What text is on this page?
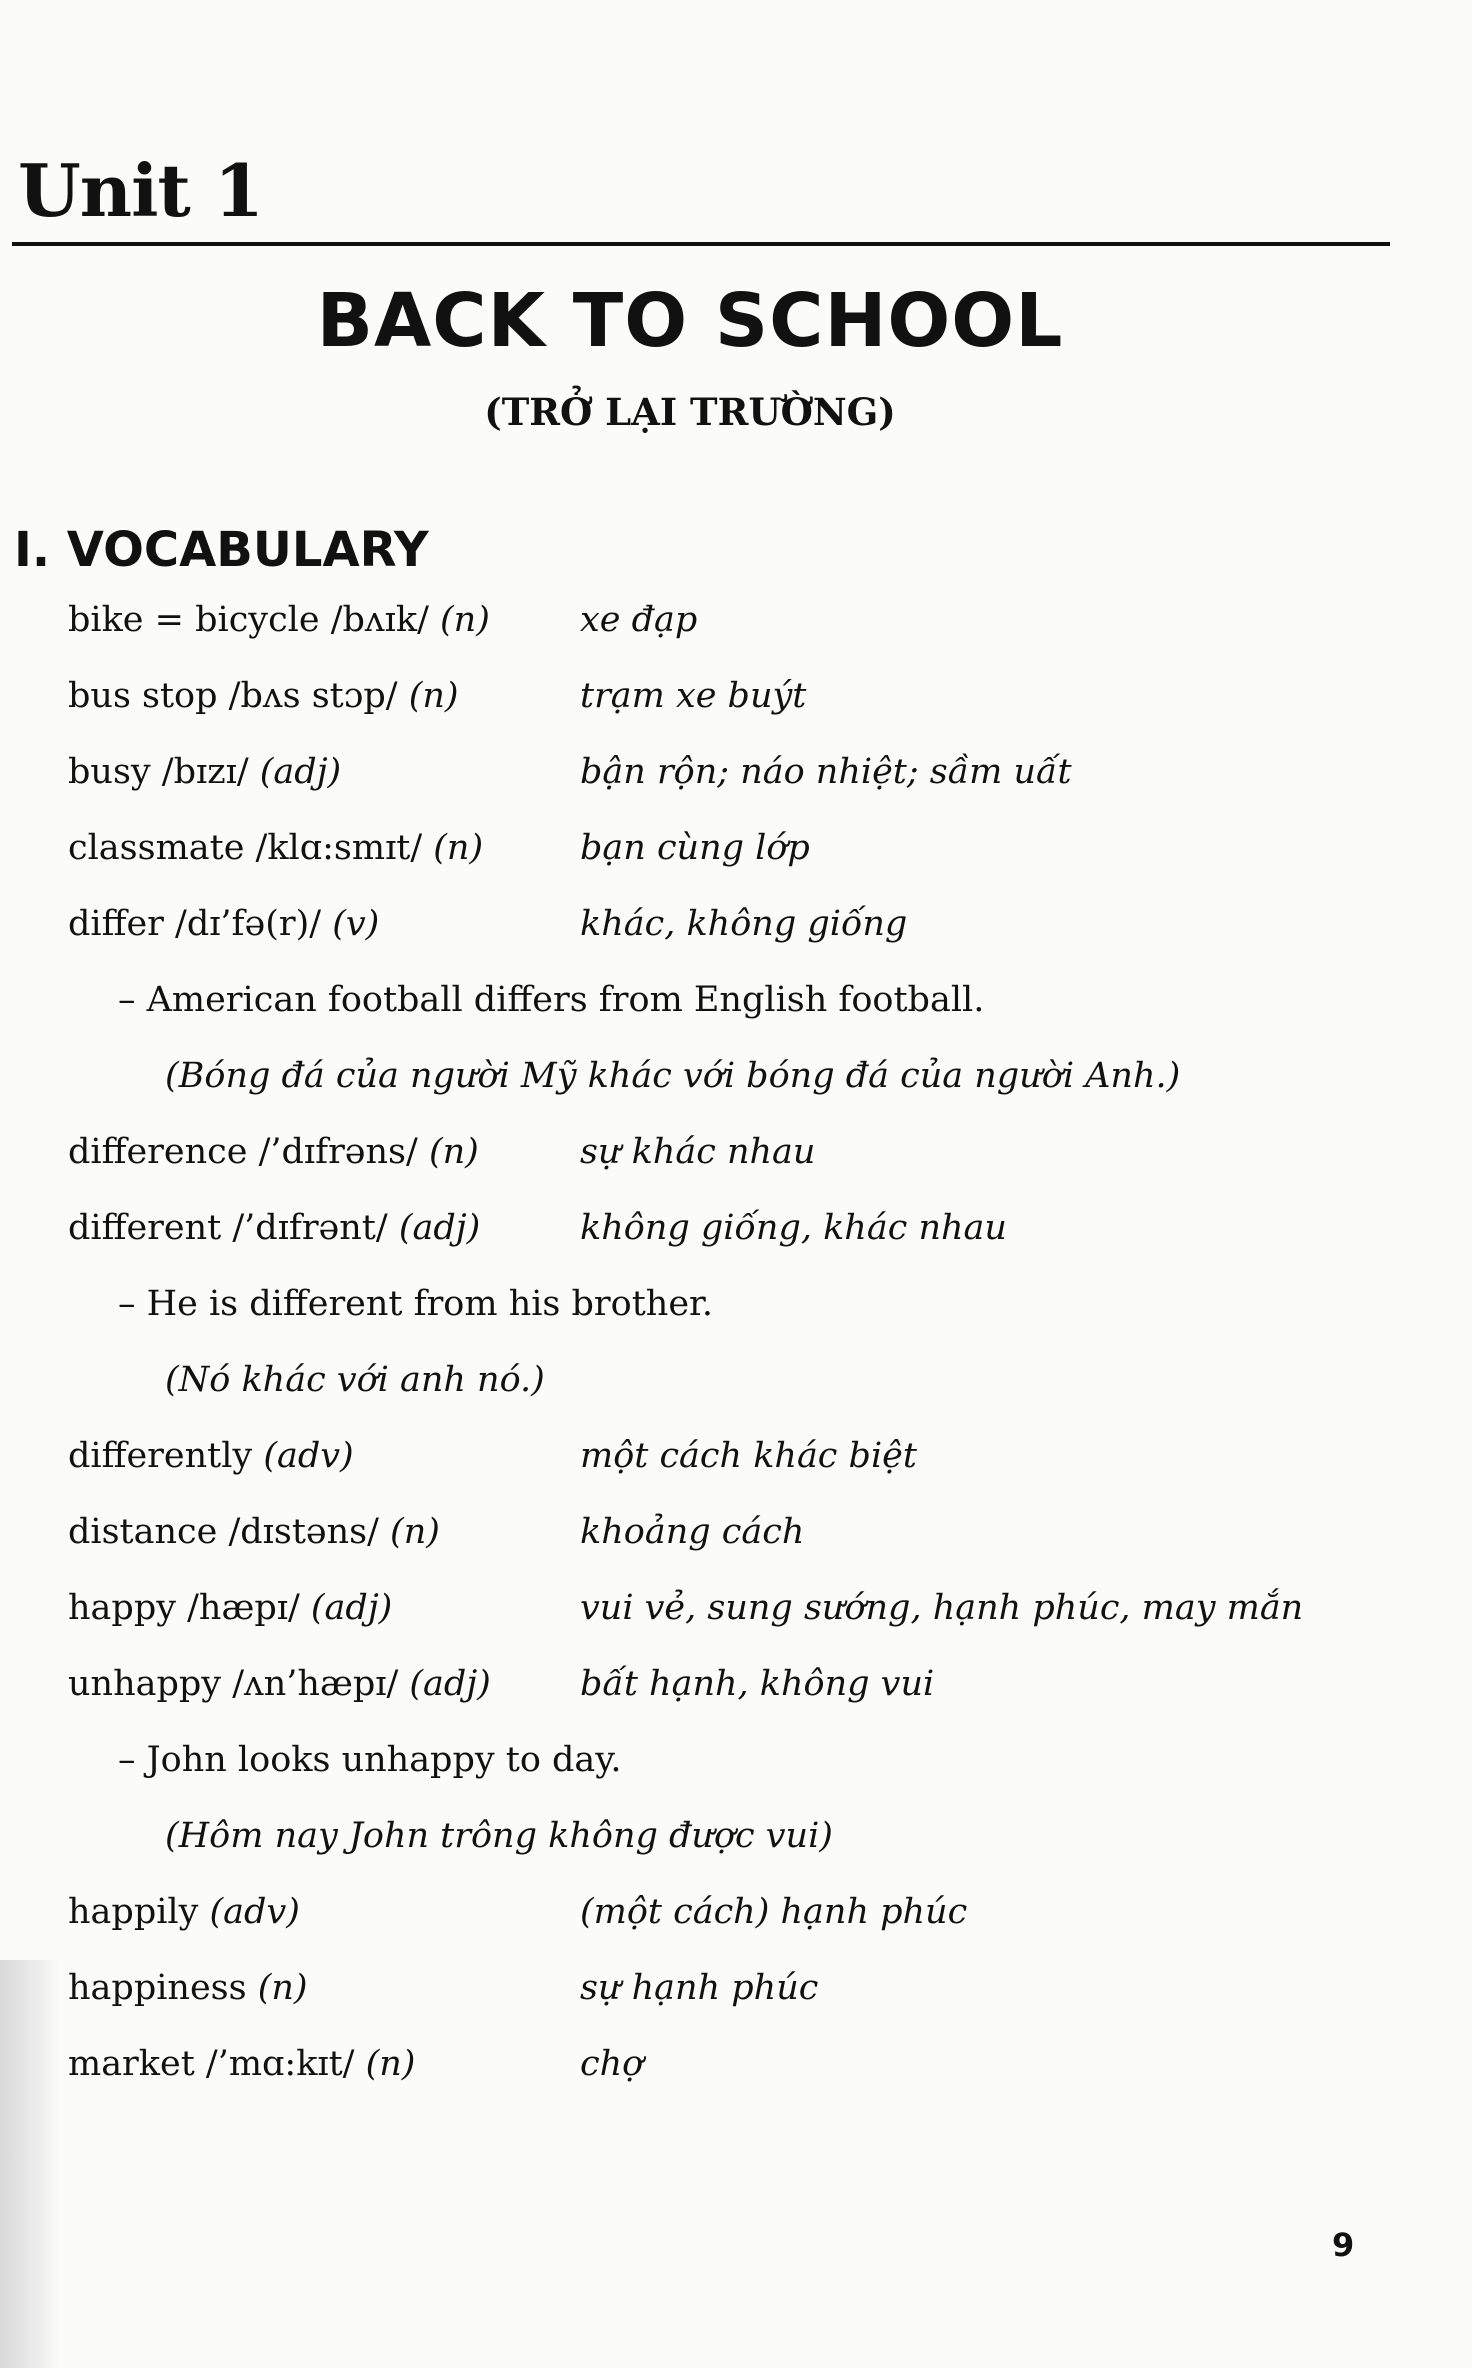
Unit 1
BACK TO SCHOOL
(TRỞ LẠI TRƯỜNG)
I. VOCABULARY
bike = bicycle /bʌɪk/ (n)	xe đạp
bus stop /bʌs stɔp/ (n)	trạm xe buýt
busy /bɪzɪ/ (adj)	bận rộn; náo nhiệt; sầm uất
classmate /klɑ:smɪt/ (n)	bạn cùng lớp
differ /dɪ’fə(r)/ (v)	khác, không giống
– American football differs from English football.
(Bóng đá của người Mỹ khác với bóng đá của người Anh.)
difference /’dɪfrəns/ (n)	sự khác nhau
different /’dɪfrənt/ (adj)	không giống, khác nhau
– He is different from his brother.
(Nó khác với anh nó.)
differently (adv)	một cách khác biệt
distance /dɪstəns/ (n)	khoảng cách
happy /hæpɪ/ (adj)	vui vẻ, sung sướng, hạnh phúc, may mắn
unhappy /ʌn’hæpɪ/ (adj)	bất hạnh, không vui
– John looks unhappy to day.
(Hôm nay John trông không được vui)
happily (adv)	(một cách) hạnh phúc
happiness (n)	sự hạnh phúc
market /’mɑ:kɪt/ (n)	chợ
9
